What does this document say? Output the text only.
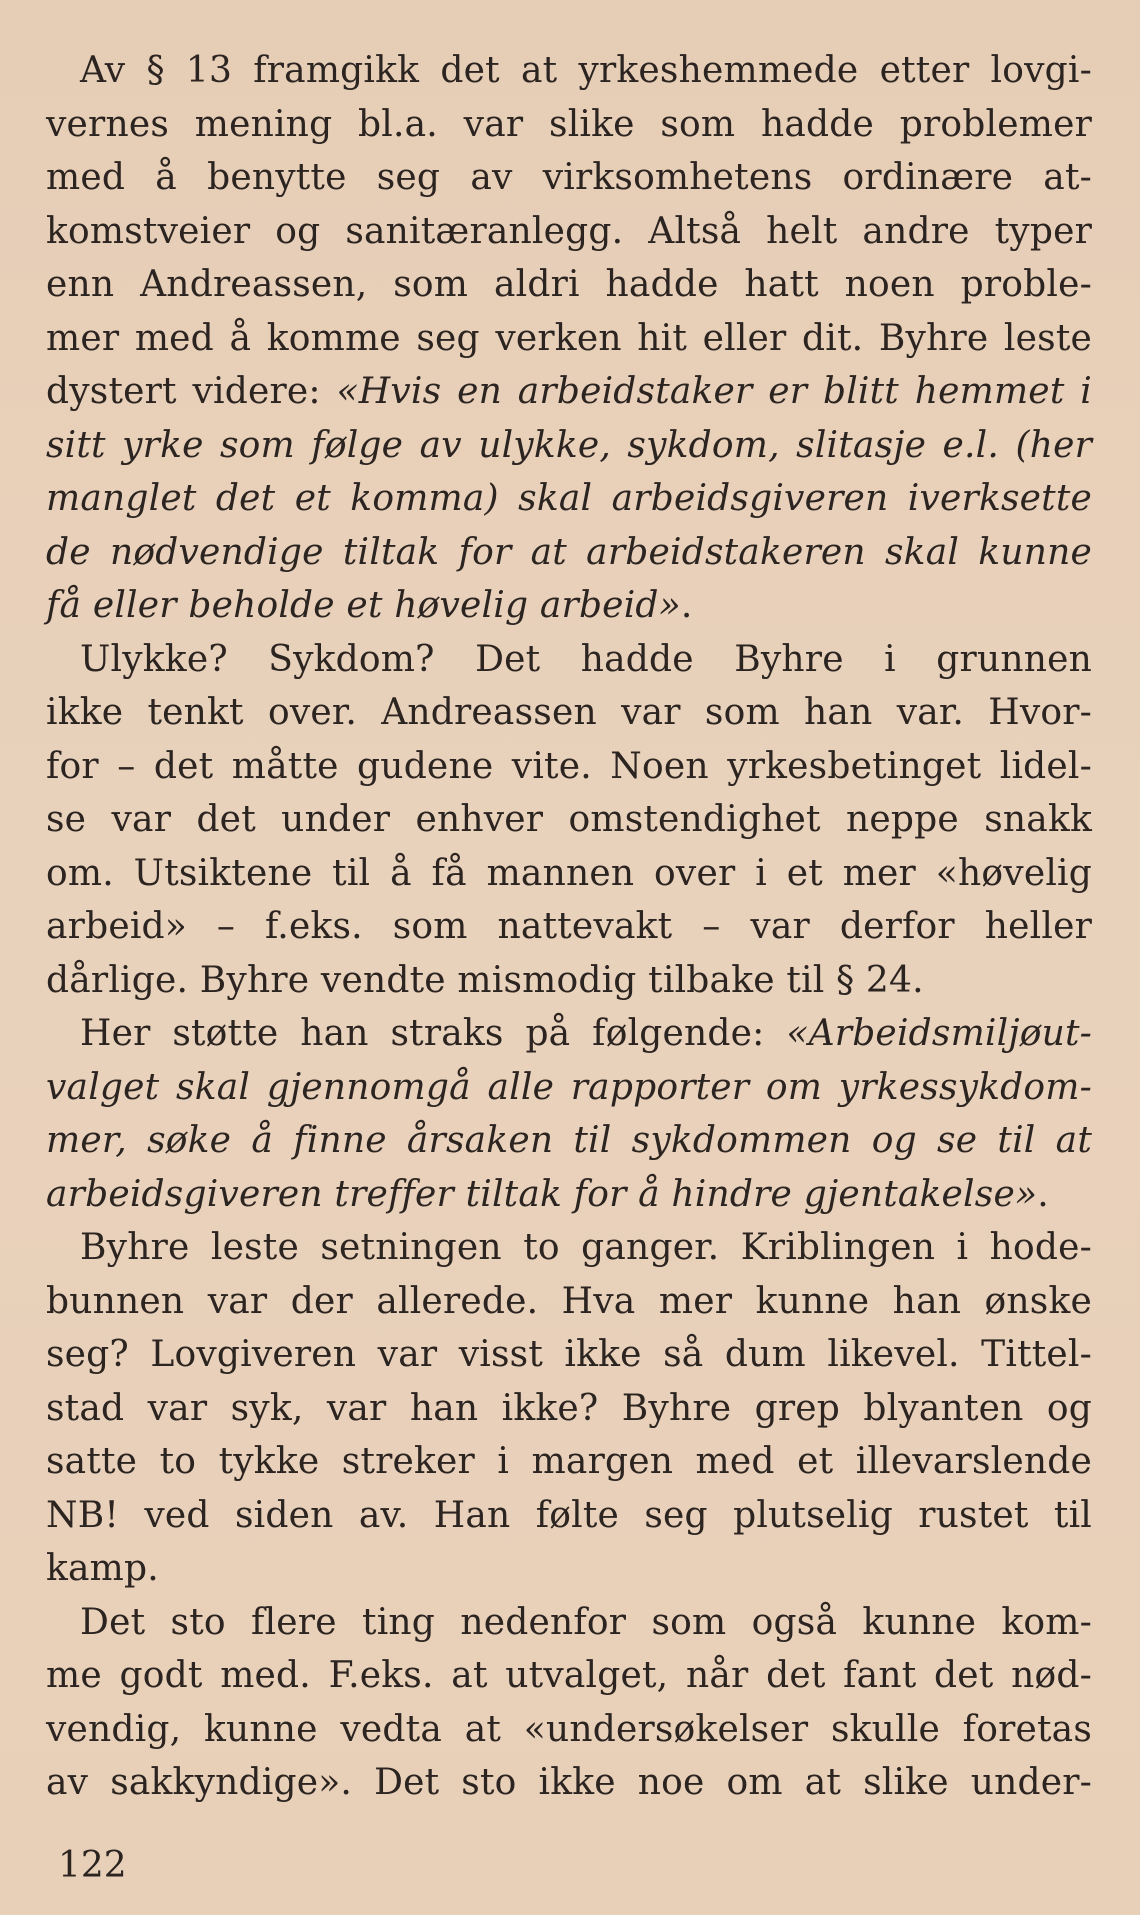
Av § 13 framgikk det at yrkeshemmede etter lovgi-
vernes mening bl.a. var slike som hadde problemer
med å benytte seg av virksomhetens ordinære at-
komstveier og sanitæranlegg. Altså helt andre typer
enn Andreassen, som aldri hadde hatt noen proble-
mer med å komme seg verken hit eller dit. Byhre leste
dystert videre: «Hvis en arbeidstaker er blitt hemmet i
sitt yrke som følge av ulykke, sykdom, slitasje e.l. (her
manglet det et komma) skal arbeidsgiveren iverksette
de nødvendige tiltak for at arbeidstakeren skal kunne
få eller beholde et høvelig arbeid».
Ulykke? Sykdom? Det hadde Byhre i grunnen
ikke tenkt over. Andreassen var som han var. Hvor-
for – det måtte gudene vite. Noen yrkesbetinget lidel-
se var det under enhver omstendighet neppe snakk
om. Utsiktene til å få mannen over i et mer «høvelig
arbeid» – f.eks. som nattevakt – var derfor heller
dårlige. Byhre vendte mismodig tilbake til § 24.
Her støtte han straks på følgende: «Arbeidsmiljøut-
valget skal gjennomgå alle rapporter om yrkessykdom-
mer, søke å finne årsaken til sykdommen og se til at
arbeidsgiveren treffer tiltak for å hindre gjentakelse».
Byhre leste setningen to ganger. Kriblingen i hode-
bunnen var der allerede. Hva mer kunne han ønske
seg? Lovgiveren var visst ikke så dum likevel. Tittel-
stad var syk, var han ikke? Byhre grep blyanten og
satte to tykke streker i margen med et illevarslende
NB! ved siden av. Han følte seg plutselig rustet til
kamp.
Det sto flere ting nedenfor som også kunne kom-
me godt med. F.eks. at utvalget, når det fant det nød-
vendig, kunne vedta at «undersøkelser skulle foretas
av sakkyndige». Det sto ikke noe om at slike under-
122
